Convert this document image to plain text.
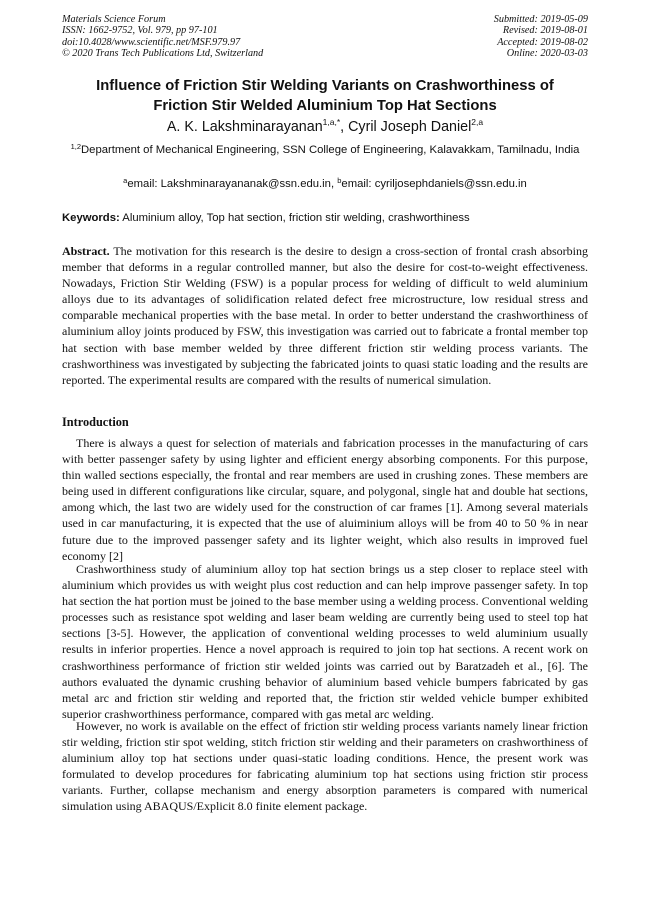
Materials Science Forum
ISSN: 1662-9752, Vol. 979, pp 97-101
doi:10.4028/www.scientific.net/MSF.979.97
© 2020 Trans Tech Publications Ltd, Switzerland
Submitted: 2019-05-09
Revised: 2019-08-01
Accepted: 2019-08-02
Online: 2020-03-03
Influence of Friction Stir Welding Variants on Crashworthiness of
Friction Stir Welded Aluminium Top Hat Sections
A. K. Lakshminarayanan$^{1,a,*}$, Cyril Joseph Daniel$^{2,a}$
$^{1,2}$Department of Mechanical Engineering, SSN College of Engineering, Kalavakkam, Tamilnadu, India
$^a$email: Lakshminarayananak@ssn.edu.in, $^b$email: cyriljosephdaniels@ssn.edu.in
Keywords: Aluminium alloy, Top hat section, friction stir welding, crashworthiness
Abstract. The motivation for this research is the desire to design a cross-section of frontal crash absorbing member that deforms in a regular controlled manner, but also the desire for cost-to-weight effectiveness. Nowadays, Friction Stir Welding (FSW) is a popular process for welding of difficult to weld aluminium alloys due to its advantages of solidification related defect free microstructure, low residual stress and comparable mechanical properties with the base metal. In order to better understand the crashworthiness of aluminium alloy joints produced by FSW, this investigation was carried out to fabricate a frontal member top hat section with base member welded by three different friction stir welding process variants. The crashworthiness was investigated by subjecting the fabricated joints to quasi static loading and the results are reported. The experimental results are compared with the results of numerical simulation.
Introduction

There is always a quest for selection of materials and fabrication processes in the manufacturing of cars with better passenger safety by using lighter and efficient energy absorbing components. For this purpose, thin walled sections especially, the frontal and rear members are used in crushing zones. These members are being used in different configurations like circular, square, and polygonal, single hat and double hat sections, among which, the last two are widely used for the construction of car frames [1]. Among several materials used in car manufacturing, it is expected that the use of aluiminium alloys will be from 40 to 50 % in near future due to the improved passenger safety and its lighter weight, which also results in improved fuel economy [2]

Crashworthiness study of aluminium alloy top hat section brings us a step closer to replace steel with aluminium which provides us with weight plus cost reduction and can help improve passenger safety. In top hat section the hat portion must be joined to the base member using a welding process. Conventional welding processes such as resistance spot welding and laser beam welding are currently being used to steel top hat sections [3-5]. However, the application of conventional welding processes to weld aluminium usually results in inferior properties. Hence a novel approach is required to join top hat sections. A recent work on crashworthiness performance of friction stir welded joints was carried out by Baratzadeh et al., [6]. The authors evaluated the dynamic crushing behavior of aluminium based vehicle bumpers fabricated by gas metal arc and friction stir welding and reported that, the friction stir welded vehicle bumper exhibited superior crashworthiness performance, compared with gas metal arc welding.

However, no work is available on the effect of friction stir welding process variants namely linear friction stir welding, friction stir spot welding, stitch friction stir welding and their parameters on crashworthiness of aluminium alloy top hat sections under quasi-static loading conditions. Hence, the present work was formulated to develop procedures for fabricating aluminium top hat sections using friction stir process variants. Further, collapse mechanism and energy absorption parameters is compared with numerical simulation using ABAQUS/Explicit 8.0 finite element package.
